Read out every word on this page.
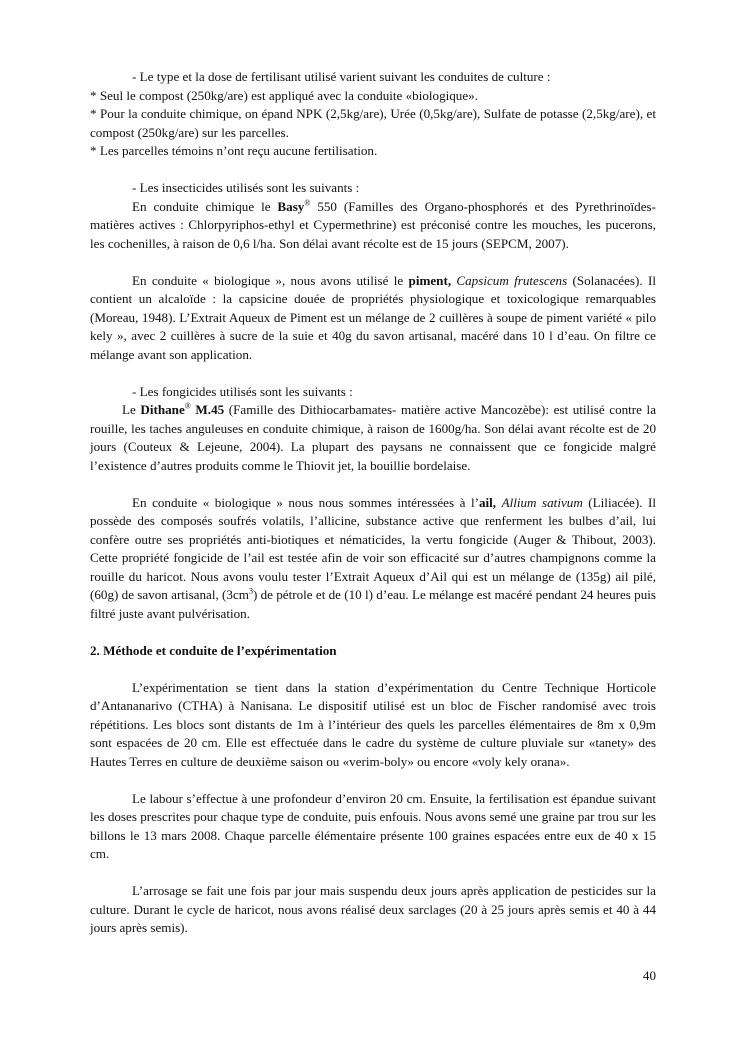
- Le type et la dose de fertilisant utilisé varient suivant les conduites de culture :

* Seul le compost (250kg/are) est appliqué avec la conduite «biologique».

* Pour la conduite chimique, on épand NPK (2,5kg/are), Urée (0,5kg/are), Sulfate de potasse (2,5kg/are), et compost (250kg/are) sur les parcelles.

* Les parcelles témoins n’ont reçu aucune fertilisation.

- Les insecticides utilisés sont les suivants :

En conduite chimique le Basy® 550 (Familles des Organo-phosphorés et des Pyrethrinoïdes- matières actives : Chlorpyriphos-ethyl et Cypermethrine) est préconisé contre les mouches, les pucerons, les cochenilles, à raison de 0,6 l/ha. Son délai avant récolte est de 15 jours (SEPCM, 2007).

En conduite « biologique », nous avons utilisé le piment, Capsicum frutescens (Solanacées). Il contient un alcaloïde : la capsicine douée de propriétés physiologique et toxicologique remarquables (Moreau, 1948). L’Extrait Aqueux de Piment est un mélange de 2 cuillères à soupe de piment variété « pilo kely », avec 2 cuillères à sucre de la suie et 40g du savon artisanal, macéré dans 10 l d’eau. On filtre ce mélange avant son application.

- Les fongicides utilisés sont les suivants :

Le Dithane® M.45 (Famille des Dithiocarbamates- matière active Mancozèbe): est utilisé contre la rouille, les taches anguleuses en conduite chimique, à raison de 1600g/ha. Son délai avant récolte est de 20 jours (Couteux & Lejeune, 2004). La plupart des paysans ne connaissent que ce fongicide malgré l’existence d’autres produits comme le Thiovit jet, la bouillie bordelaise.

En conduite « biologique » nous nous sommes intéressées à l’ail, Allium sativum (Liliacée). Il possède des composés soufrés volatils, l’allicine, substance active que renferment les bulbes d’ail, lui confère outre ses propriétés anti-biotiques et nématicides, la vertu fongicide (Auger & Thibout, 2003). Cette propriété fongicide de l’ail est testée afin de voir son efficacité sur d’autres champignons comme la rouille du haricot. Nous avons voulu tester l’Extrait Aqueux d’Ail qui est un mélange de (135g) ail pilé, (60g) de savon artisanal, $(3cm^3)$ de pétrole et de (10 l) d’eau. Le mélange est macéré pendant 24 heures puis filtré juste avant pulvérisation.

2. Méthode et conduite de l’expérimentation

L’expérimentation se tient dans la station d’expérimentation du Centre Technique Horticole d’Antananarivo (CTHA) à Nanisana. Le dispositif utilisé est un bloc de Fischer randomisé avec trois répétitions. Les blocs sont distants de 1m à l’intérieur des quels les parcelles élémentaires de 8m x 0,9m sont espacées de 20 cm. Elle est effectuée dans le cadre du système de culture pluviale sur «tanety» des Hautes Terres en culture de deuxième saison ou «verim-boly» ou encore «voly kely orana».

Le labour s’effectue à une profondeur d’environ 20 cm. Ensuite, la fertilisation est épandue suivant les doses prescrites pour chaque type de conduite, puis enfouis. Nous avons semé une graine par trou sur les billons le 13 mars 2008. Chaque parcelle élémentaire présente 100 graines espacées entre eux de 40 x 15 cm.

L’arrosage se fait une fois par jour mais suspendu deux jours après application de pesticides sur la culture. Durant le cycle de haricot, nous avons réalisé deux sarclages (20 à 25 jours après semis et 40 à 44 jours après semis).

40
